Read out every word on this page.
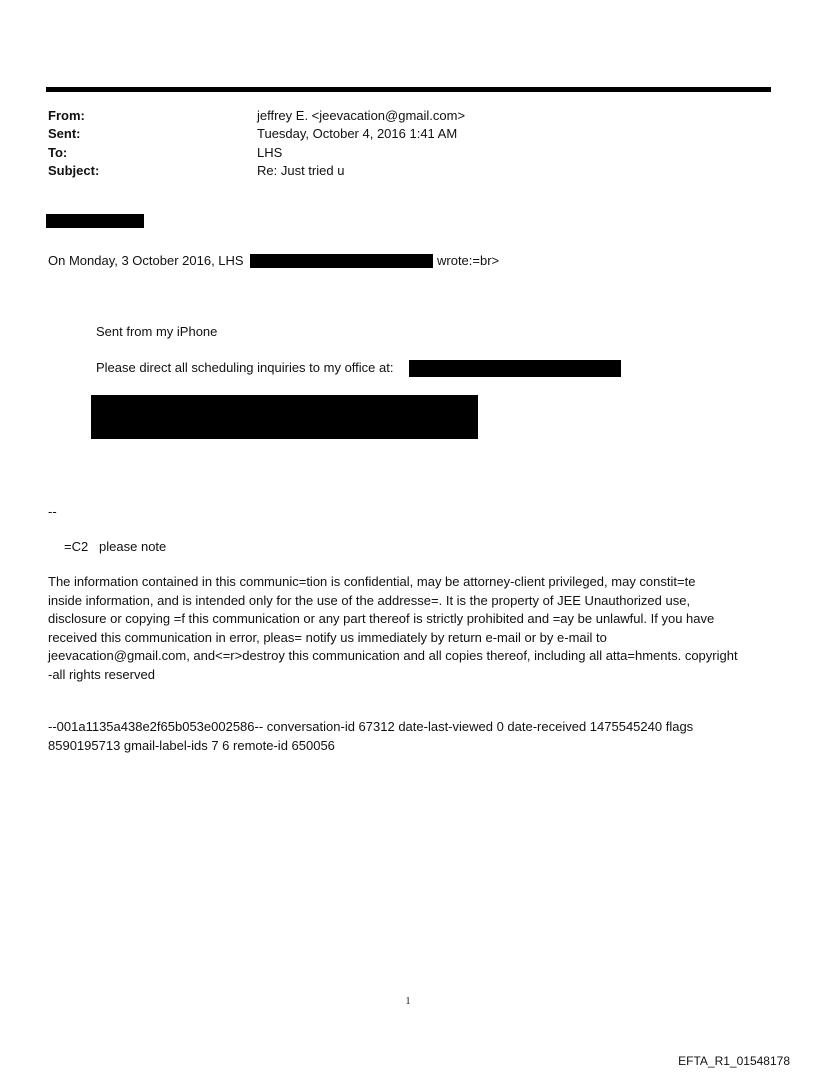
From:	jeffrey E. <jeevacation@gmail.com>
Sent:	Tuesday, October 4, 2016 1:41 AM
To:	LHS
Subject:	Re: Just tried u
On Monday, 3 October 2016, LHS	wrote:=br>
Sent from my iPhone
Please direct all scheduling inquiries to my office at:
--
=C2   please note
The information contained in this communic=tion is confidential, may be attorney-client privileged, may constit=te
inside information, and is intended only for the use of the addresse=. It is the property of JEE Unauthorized use,
disclosure or copying =f this communication or any part thereof is strictly prohibited and =ay be unlawful. If you have
received this communication in error, pleas= notify us immediately by return e-mail or by e-mail to
jeevacation@gmail.com, and<=r>destroy this communication and all copies thereof, including all atta=hments. copyright
-all rights reserved
--001a1135a438e2f65b053e002586-- conversation-id 67312 date-last-viewed 0 date-received 1475545240 flags
8590195713 gmail-label-ids 7 6 remote-id 650056
1
EFTA_R1_01548178
